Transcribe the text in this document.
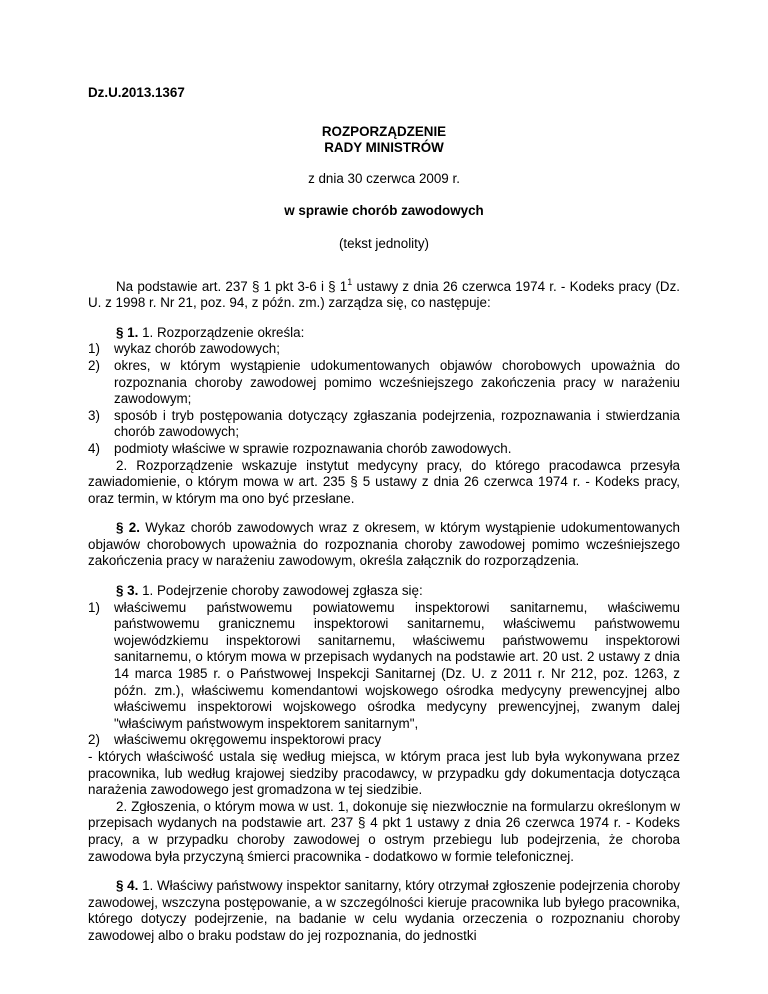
Dz.U.2013.1367
ROZPORZĄDZENIE
RADY MINISTRÓW
z dnia 30 czerwca 2009 r.
w sprawie chorób zawodowych
(tekst jednolity)

Na podstawie art. 237 § 1 pkt 3-6 i § $1^1$ ustawy z dnia 26 czerwca 1974 r. - Kodeks pracy (Dz. U. z 1998 r. Nr 21, poz. 94, z późn. zm.) zarządza się, co następuje:

§ 1. 1. Rozporządzenie określa:

1) wykaz chorób zawodowych;
2) okres, w którym wystąpienie udokumentowanych objawów chorobowych upoważnia do rozpoznania choroby zawodowej pomimo wcześniejszego zakończenia pracy w narażeniu zawodowym;
3) sposób i tryb postępowania dotyczący zgłaszania podejrzenia, rozpoznawania i stwierdzania chorób zawodowych;
4) podmioty właściwe w sprawie rozpoznawania chorób zawodowych.

2. Rozporządzenie wskazuje instytut medycyny pracy, do którego pracodawca przesyła zawiadomienie, o którym mowa w art. 235 § 5 ustawy z dnia 26 czerwca 1974 r. - Kodeks pracy, oraz termin, w którym ma ono być przesłane.

§ 2. Wykaz chorób zawodowych wraz z okresem, w którym wystąpienie udokumentowanych objawów chorobowych upoważnia do rozpoznania choroby zawodowej pomimo wcześniejszego zakończenia pracy w narażeniu zawodowym, określa załącznik do rozporządzenia.

§ 3. 1. Podejrzenie choroby zawodowej zgłasza się:

1) właściwemu państwowemu powiatowemu inspektorowi sanitarnemu, właściwemu państwowemu granicznemu inspektorowi sanitarnemu, właściwemu państwowemu wojewódzkiemu inspektorowi sanitarnemu, właściwemu państwowemu inspektorowi sanitarnemu, o którym mowa w przepisach wydanych na podstawie art. 20 ust. 2 ustawy z dnia 14 marca 1985 r. o Państwowej Inspekcji Sanitarnej (Dz. U. z 2011 r. Nr 212, poz. 1263, z późn. zm.), właściwemu komendantowi wojskowego ośrodka medycyny prewencyjnej albo właściwemu inspektorowi wojskowego ośrodka medycyny prewencyjnej, zwanym dalej "właściwym państwowym inspektorem sanitarnym",
2) właściwemu okręgowemu inspektorowi pracy

- których właściwość ustala się według miejsca, w którym praca jest lub była wykonywana przez pracownika, lub według krajowej siedziby pracodawcy, w przypadku gdy dokumentacja dotycząca narażenia zawodowego jest gromadzona w tej siedzibie.

2. Zgłoszenia, o którym mowa w ust. 1, dokonuje się niezwłocznie na formularzu określonym w przepisach wydanych na podstawie art. 237 § 4 pkt 1 ustawy z dnia 26 czerwca 1974 r. - Kodeks pracy, a w przypadku choroby zawodowej o ostrym przebiegu lub podejrzenia, że choroba zawodowa była przyczyną śmierci pracownika - dodatkowo w formie telefonicznej.

§ 4. 1. Właściwy państwowy inspektor sanitarny, który otrzymał zgłoszenie podejrzenia choroby zawodowej, wszczyna postępowanie, a w szczególności kieruje pracownika lub byłego pracownika, którego dotyczy podejrzenie, na badanie w celu wydania orzeczenia o rozpoznaniu choroby zawodowej albo o braku podstaw do jej rozpoznania, do jednostki
